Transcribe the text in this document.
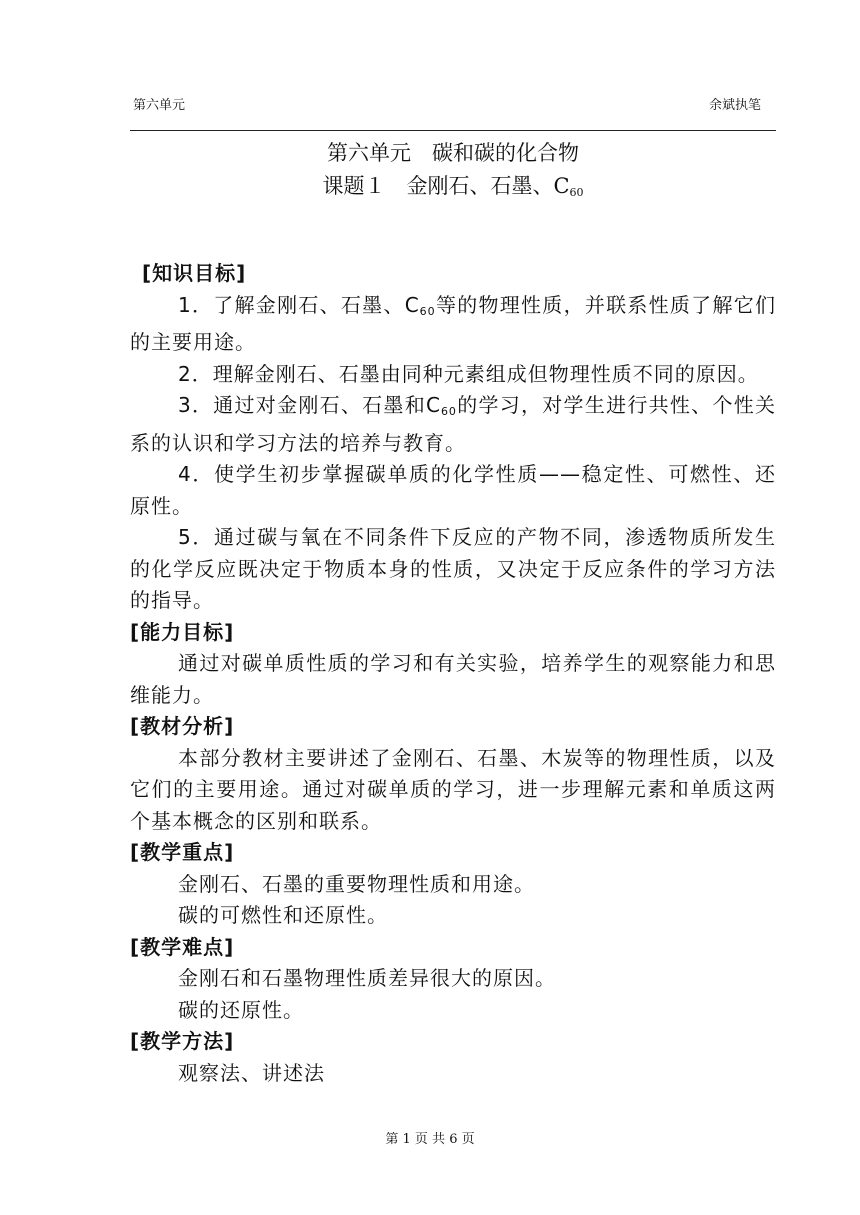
第六单元	余斌执笔
第六单元　碳和碳的化合物
课题１　金刚石、石墨、$C_{60}$
[知识目标]
1．了解金刚石、石墨、$C_{60}$等的物理性质，并联系性质了解它们的主要用途。
2．理解金刚石、石墨由同种元素组成但物理性质不同的原因。
3．通过对金刚石、石墨和$C_{60}$的学习，对学生进行共性、个性关系的认识和学习方法的培养与教育。
4．使学生初步掌握碳单质的化学性质——稳定性、可燃性、还原性。
5．通过碳与氧在不同条件下反应的产物不同，渗透物质所发生的化学反应既决定于物质本身的性质，又决定于反应条件的学习方法的指导。
[能力目标]
通过对碳单质性质的学习和有关实验，培养学生的观察能力和思维能力。
[教材分析]
本部分教材主要讲述了金刚石、石墨、木炭等的物理性质，以及它们的主要用途。通过对碳单质的学习，进一步理解元素和单质这两个基本概念的区别和联系。
[教学重点]
金刚石、石墨的重要物理性质和用途。
碳的可燃性和还原性。
[教学难点]
金刚石和石墨物理性质差异很大的原因。
碳的还原性。
[教学方法]
观察法、讲述法
第 1 页 共 6 页
